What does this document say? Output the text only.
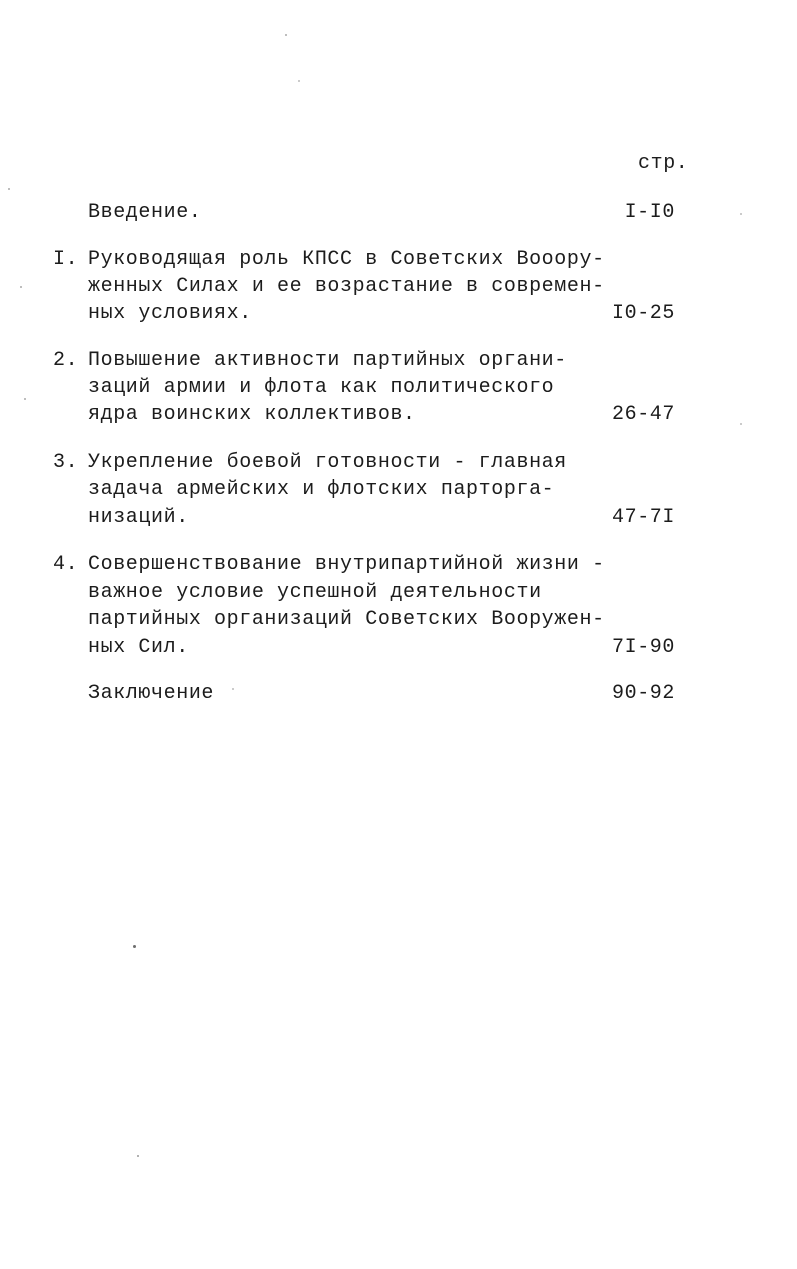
стр.
Введение.	I-I0
I. Руководящая роль КПСС в Советских Вооору-
женных Силах и ее возрастание в современ-
ных условиях.	I0-25
2. Повышение активности партийных органи-
заций армии и флота как политического
ядра воинских коллективов.	26-47
3. Укрепление боевой готовности - главная
задача армейских и флотских парторга-
низаций.	47-7I
4. Совершенствование внутрипартийной жизни -
важное условие успешной деятельности
партийных организаций Советских Вооружен-
ных Сил.	7I-90
Заключение	90-92
